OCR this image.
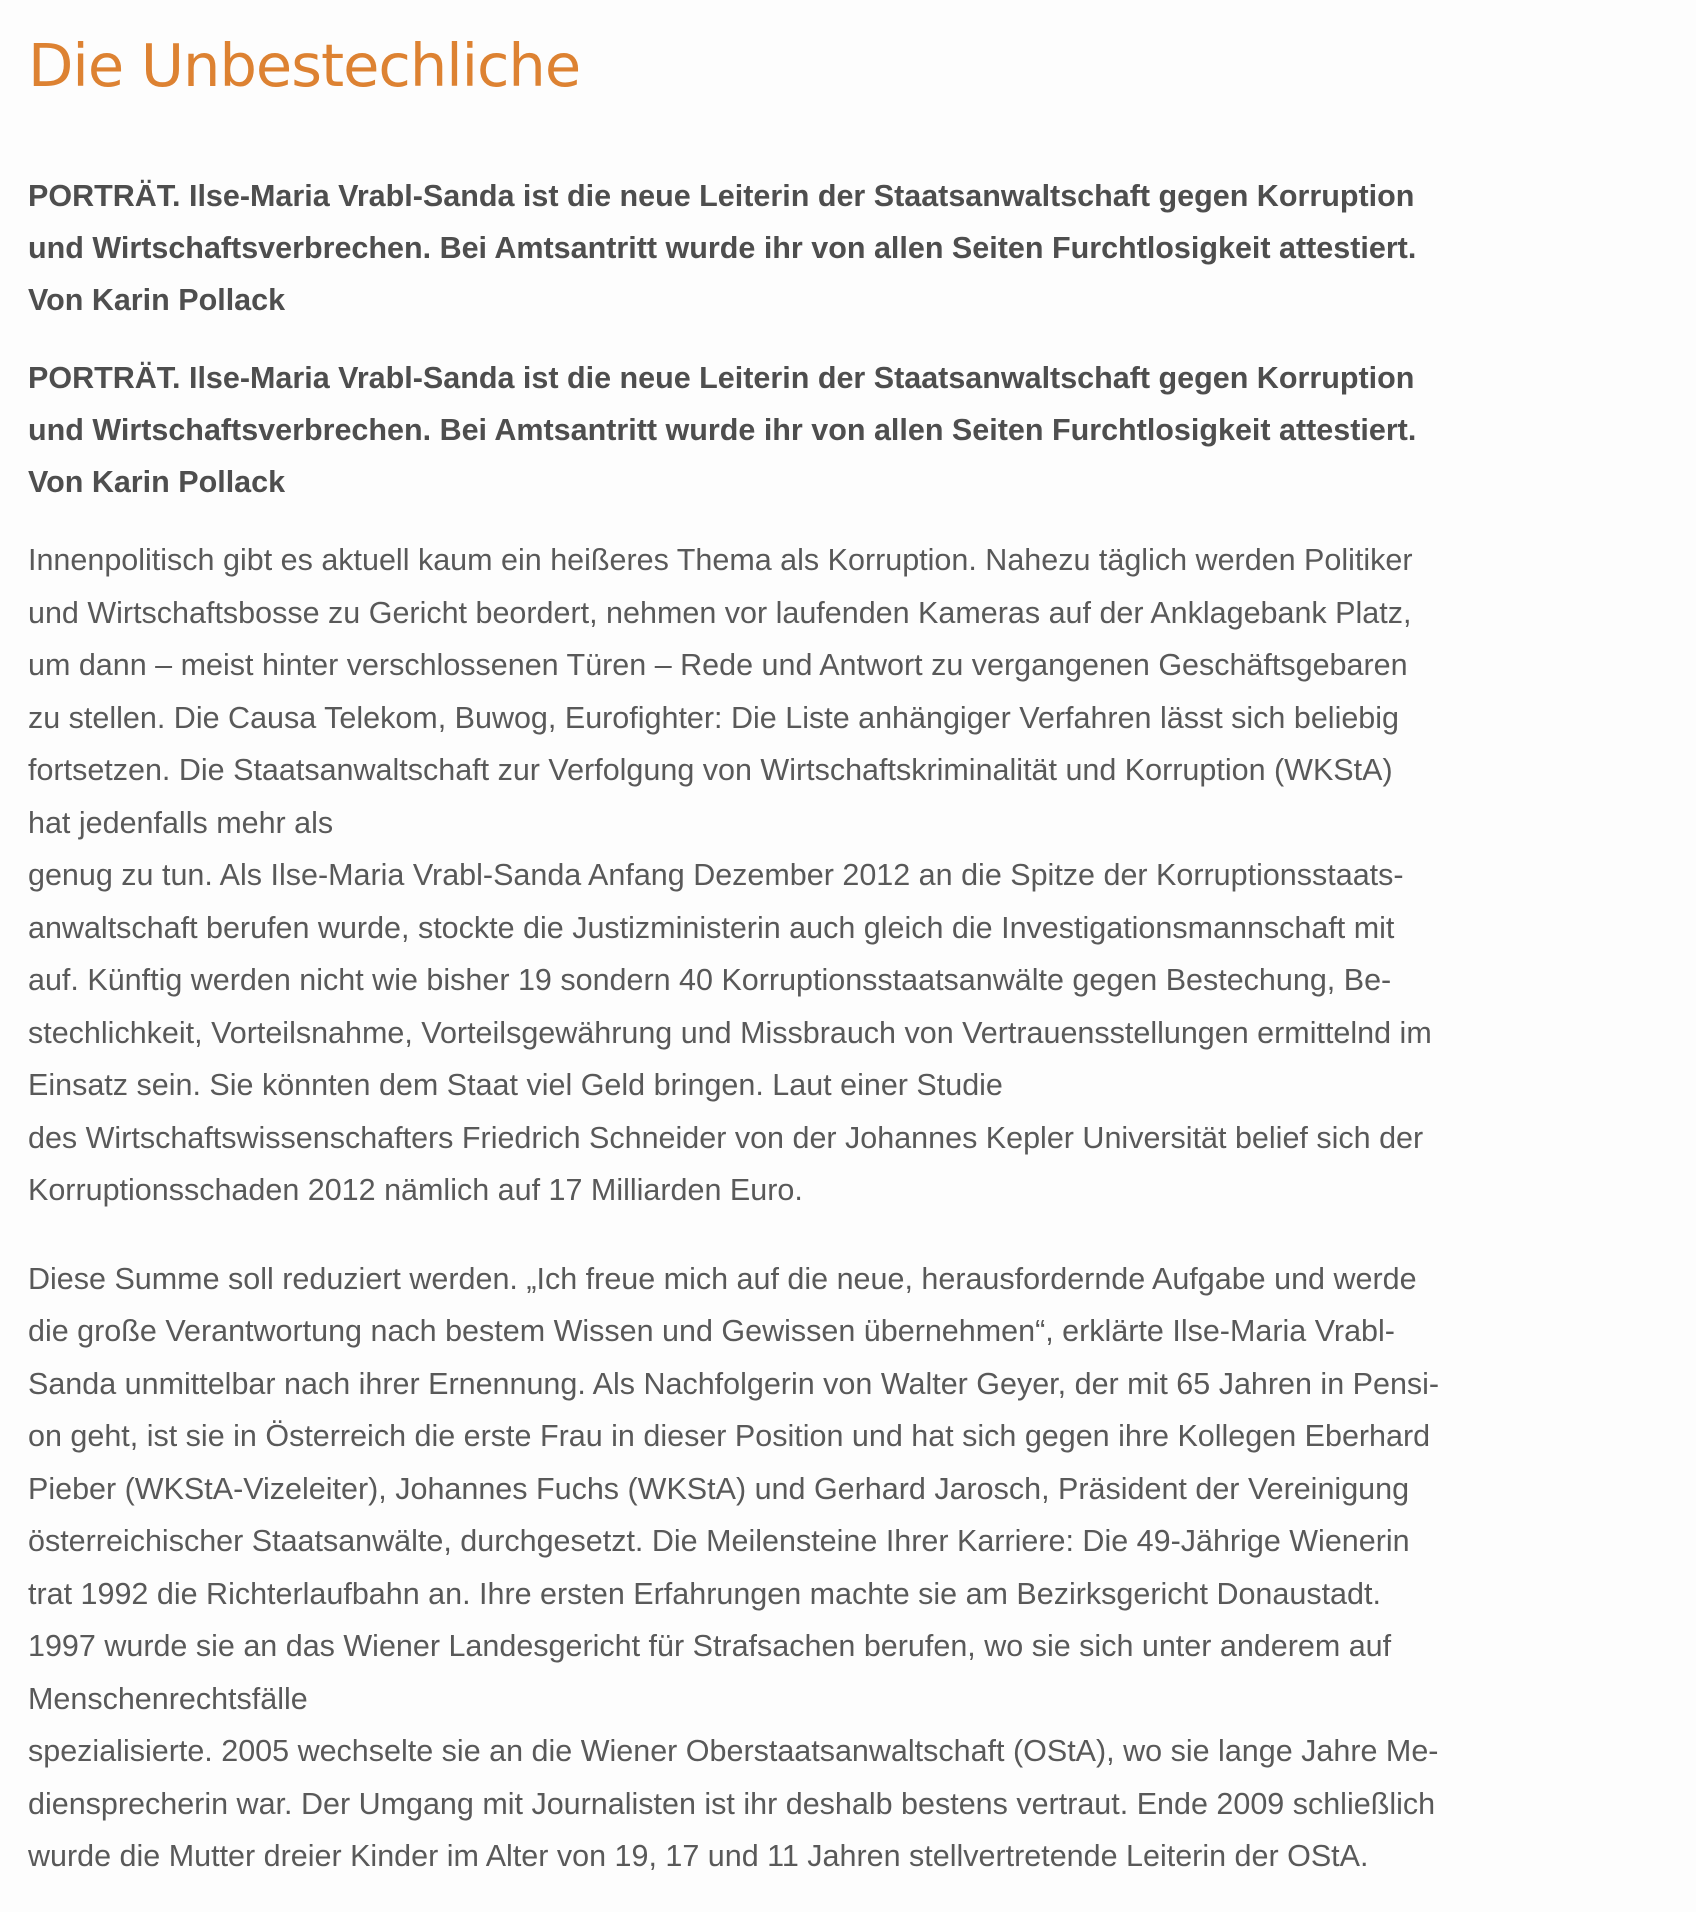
Die Unbestechliche

PORTRÄT. Ilse-Maria Vrabl-Sanda ist die neue Leiterin der Staatsanwaltschaft gegen Korruption
und Wirtschaftsverbrechen. Bei Amtsantritt wurde ihr von allen Seiten Furchtlosigkeit attestiert.
Von Karin Pollack

PORTRÄT. Ilse-Maria Vrabl-Sanda ist die neue Leiterin der Staatsanwaltschaft gegen Korruption
und Wirtschaftsverbrechen. Bei Amtsantritt wurde ihr von allen Seiten Furchtlosigkeit attestiert.
Von Karin Pollack

Innenpolitisch gibt es aktuell kaum ein heißeres Thema als Korruption. Nahezu täglich werden Politiker
und Wirtschaftsbosse zu Gericht beordert, nehmen vor laufenden Kameras auf der Anklagebank Platz,
um dann – meist hinter verschlossenen Türen – Rede und Antwort zu vergangenen Geschäftsgebaren
zu stellen. Die Causa Telekom, Buwog, Eurofighter: Die Liste anhängiger Verfahren lässt sich beliebig
fortsetzen. Die Staatsanwaltschaft zur Verfolgung von Wirtschaftskriminalität und Korruption (WKStA)
hat jedenfalls mehr als
genug zu tun. Als Ilse-Maria Vrabl-Sanda Anfang Dezember 2012 an die Spitze der Korruptionsstaats-
anwaltschaft berufen wurde, stockte die Justizministerin auch gleich die Investigationsmannschaft mit
auf. Künftig werden nicht wie bisher 19 sondern 40 Korruptionsstaatsanwälte gegen Bestechung, Be-
stechlichkeit, Vorteilsnahme, Vorteilsgewährung und Missbrauch von Vertrauensstellungen ermittelnd im
Einsatz sein. Sie könnten dem Staat viel Geld bringen. Laut einer Studie
des Wirtschaftswissenschafters Friedrich Schneider von der Johannes Kepler Universität belief sich der
Korruptionsschaden 2012 nämlich auf 17 Milliarden Euro.

Diese Summe soll reduziert werden. „Ich freue mich auf die neue, herausfordernde Aufgabe und werde
die große Verantwortung nach bestem Wissen und Gewissen übernehmen“, erklärte Ilse-Maria Vrabl-
Sanda unmittelbar nach ihrer Ernennung. Als Nachfolgerin von Walter Geyer, der mit 65 Jahren in Pensi-
on geht, ist sie in Österreich die erste Frau in dieser Position und hat sich gegen ihre Kollegen Eberhard
Pieber (WKStA-Vizeleiter), Johannes Fuchs (WKStA) und Gerhard Jarosch, Präsident der Vereinigung
österreichischer Staatsanwälte, durchgesetzt. Die Meilensteine Ihrer Karriere: Die 49-Jährige Wienerin
trat 1992 die Richterlaufbahn an. Ihre ersten Erfahrungen machte sie am Bezirksgericht Donaustadt.
1997 wurde sie an das Wiener Landesgericht für Strafsachen berufen, wo sie sich unter anderem auf
Menschenrechtsfälle
spezialisierte. 2005 wechselte sie an die Wiener Oberstaatsanwaltschaft (OStA), wo sie lange Jahre Me-
diensprecherin war. Der Umgang mit Journalisten ist ihr deshalb bestens vertraut. Ende 2009 schließlich
wurde die Mutter dreier Kinder im Alter von 19, 17 und 11 Jahren stellvertretende Leiterin der OStA.
